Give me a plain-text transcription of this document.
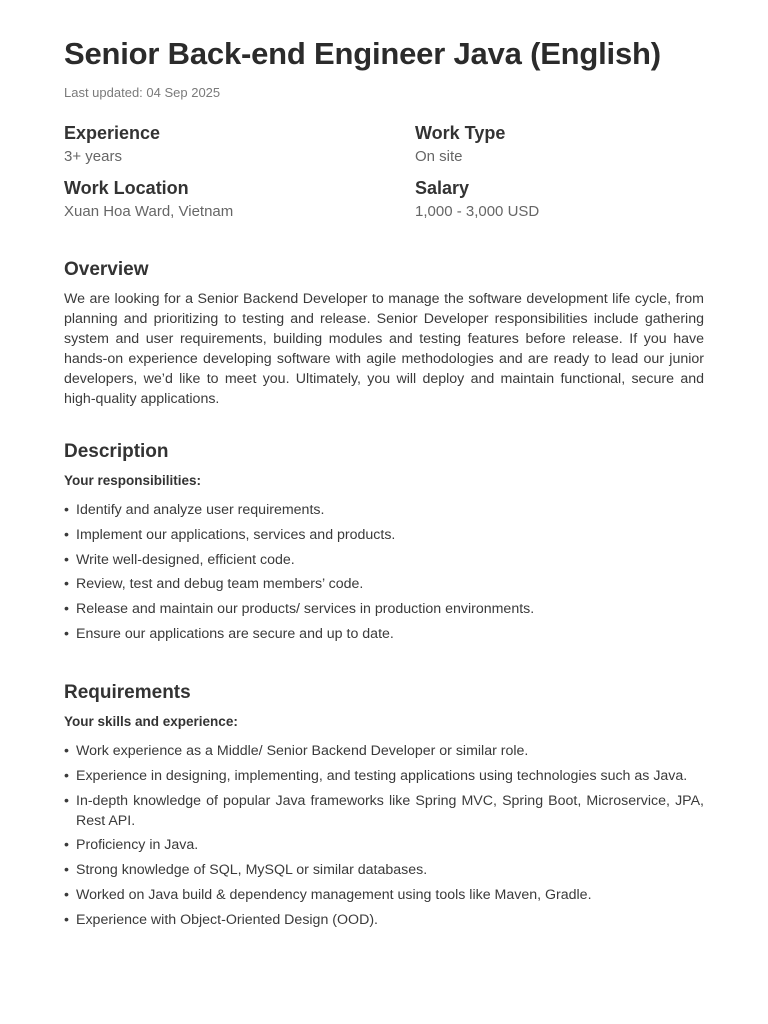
Senior Back-end Engineer Java (English)
Last updated: 04 Sep 2025
Experience
3+ years
Work Type
On site
Work Location
Xuan Hoa Ward, Vietnam
Salary
1,000 - 3,000 USD
Overview

We are looking for a Senior Backend Developer to manage the software development life cycle, from planning and prioritizing to testing and release. Senior Developer responsibilities include gathering system and user requirements, building modules and testing features before release. If you have hands-on experience developing software with agile methodologies and are ready to lead our junior developers, we’d like to meet you. Ultimately, you will deploy and maintain functional, secure and high-quality applications.

Description
Your responsibilities:
• Identify and analyze user requirements.
• Implement our applications, services and products.
• Write well-designed, efficient code.
• Review, test and debug team members’ code.
• Release and maintain our products/ services in production environments.
• Ensure our applications are secure and up to date.
Requirements
Your skills and experience:
• Work experience as a Middle/ Senior Backend Developer or similar role.
• Experience in designing, implementing, and testing applications using technologies such as Java.
• In-depth knowledge of popular Java frameworks like Spring MVC, Spring Boot, Microservice, JPA, Rest API.
• Proficiency in Java.
• Strong knowledge of SQL, MySQL or similar databases.
• Worked on Java build & dependency management using tools like Maven, Gradle.
• Experience with Object-Oriented Design (OOD).
